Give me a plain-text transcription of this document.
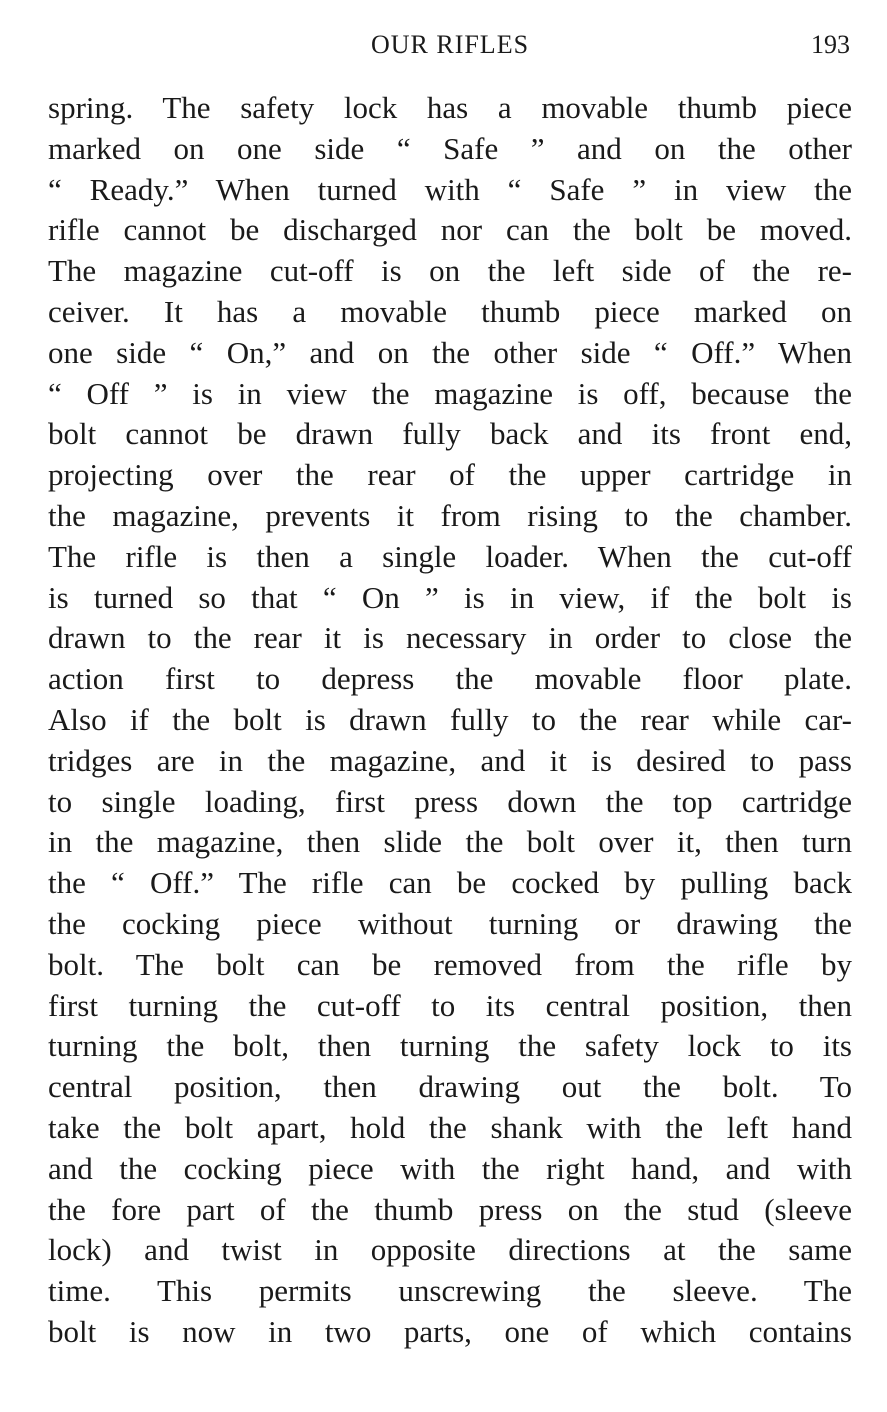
OUR RIFLES	193
spring. The safety lock has a movable thumb piece
marked on one side “ Safe ” and on the other
“ Ready.” When turned with “ Safe ” in view the
rifle cannot be discharged nor can the bolt be moved.
The magazine cut-off is on the left side of the re-
ceiver. It has a movable thumb piece marked on
one side “ On,” and on the other side “ Off.” When
“ Off ” is in view the magazine is off, because the
bolt cannot be drawn fully back and its front end,
projecting over the rear of the upper cartridge in
the magazine, prevents it from rising to the chamber.
The rifle is then a single loader. When the cut-off
is turned so that “ On ” is in view, if the bolt is
drawn to the rear it is necessary in order to close the
action first to depress the movable floor plate.
Also if the bolt is drawn fully to the rear while car-
tridges are in the magazine, and it is desired to pass
to single loading, first press down the top cartridge
in the magazine, then slide the bolt over it, then turn
the “ Off.” The rifle can be cocked by pulling back
the cocking piece without turning or drawing the
bolt. The bolt can be removed from the rifle by
first turning the cut-off to its central position, then
turning the bolt, then turning the safety lock to its
central position, then drawing out the bolt. To
take the bolt apart, hold the shank with the left hand
and the cocking piece with the right hand, and with
the fore part of the thumb press on the stud (sleeve
lock) and twist in opposite directions at the same
time. This permits unscrewing the sleeve. The
bolt is now in two parts, one of which contains
